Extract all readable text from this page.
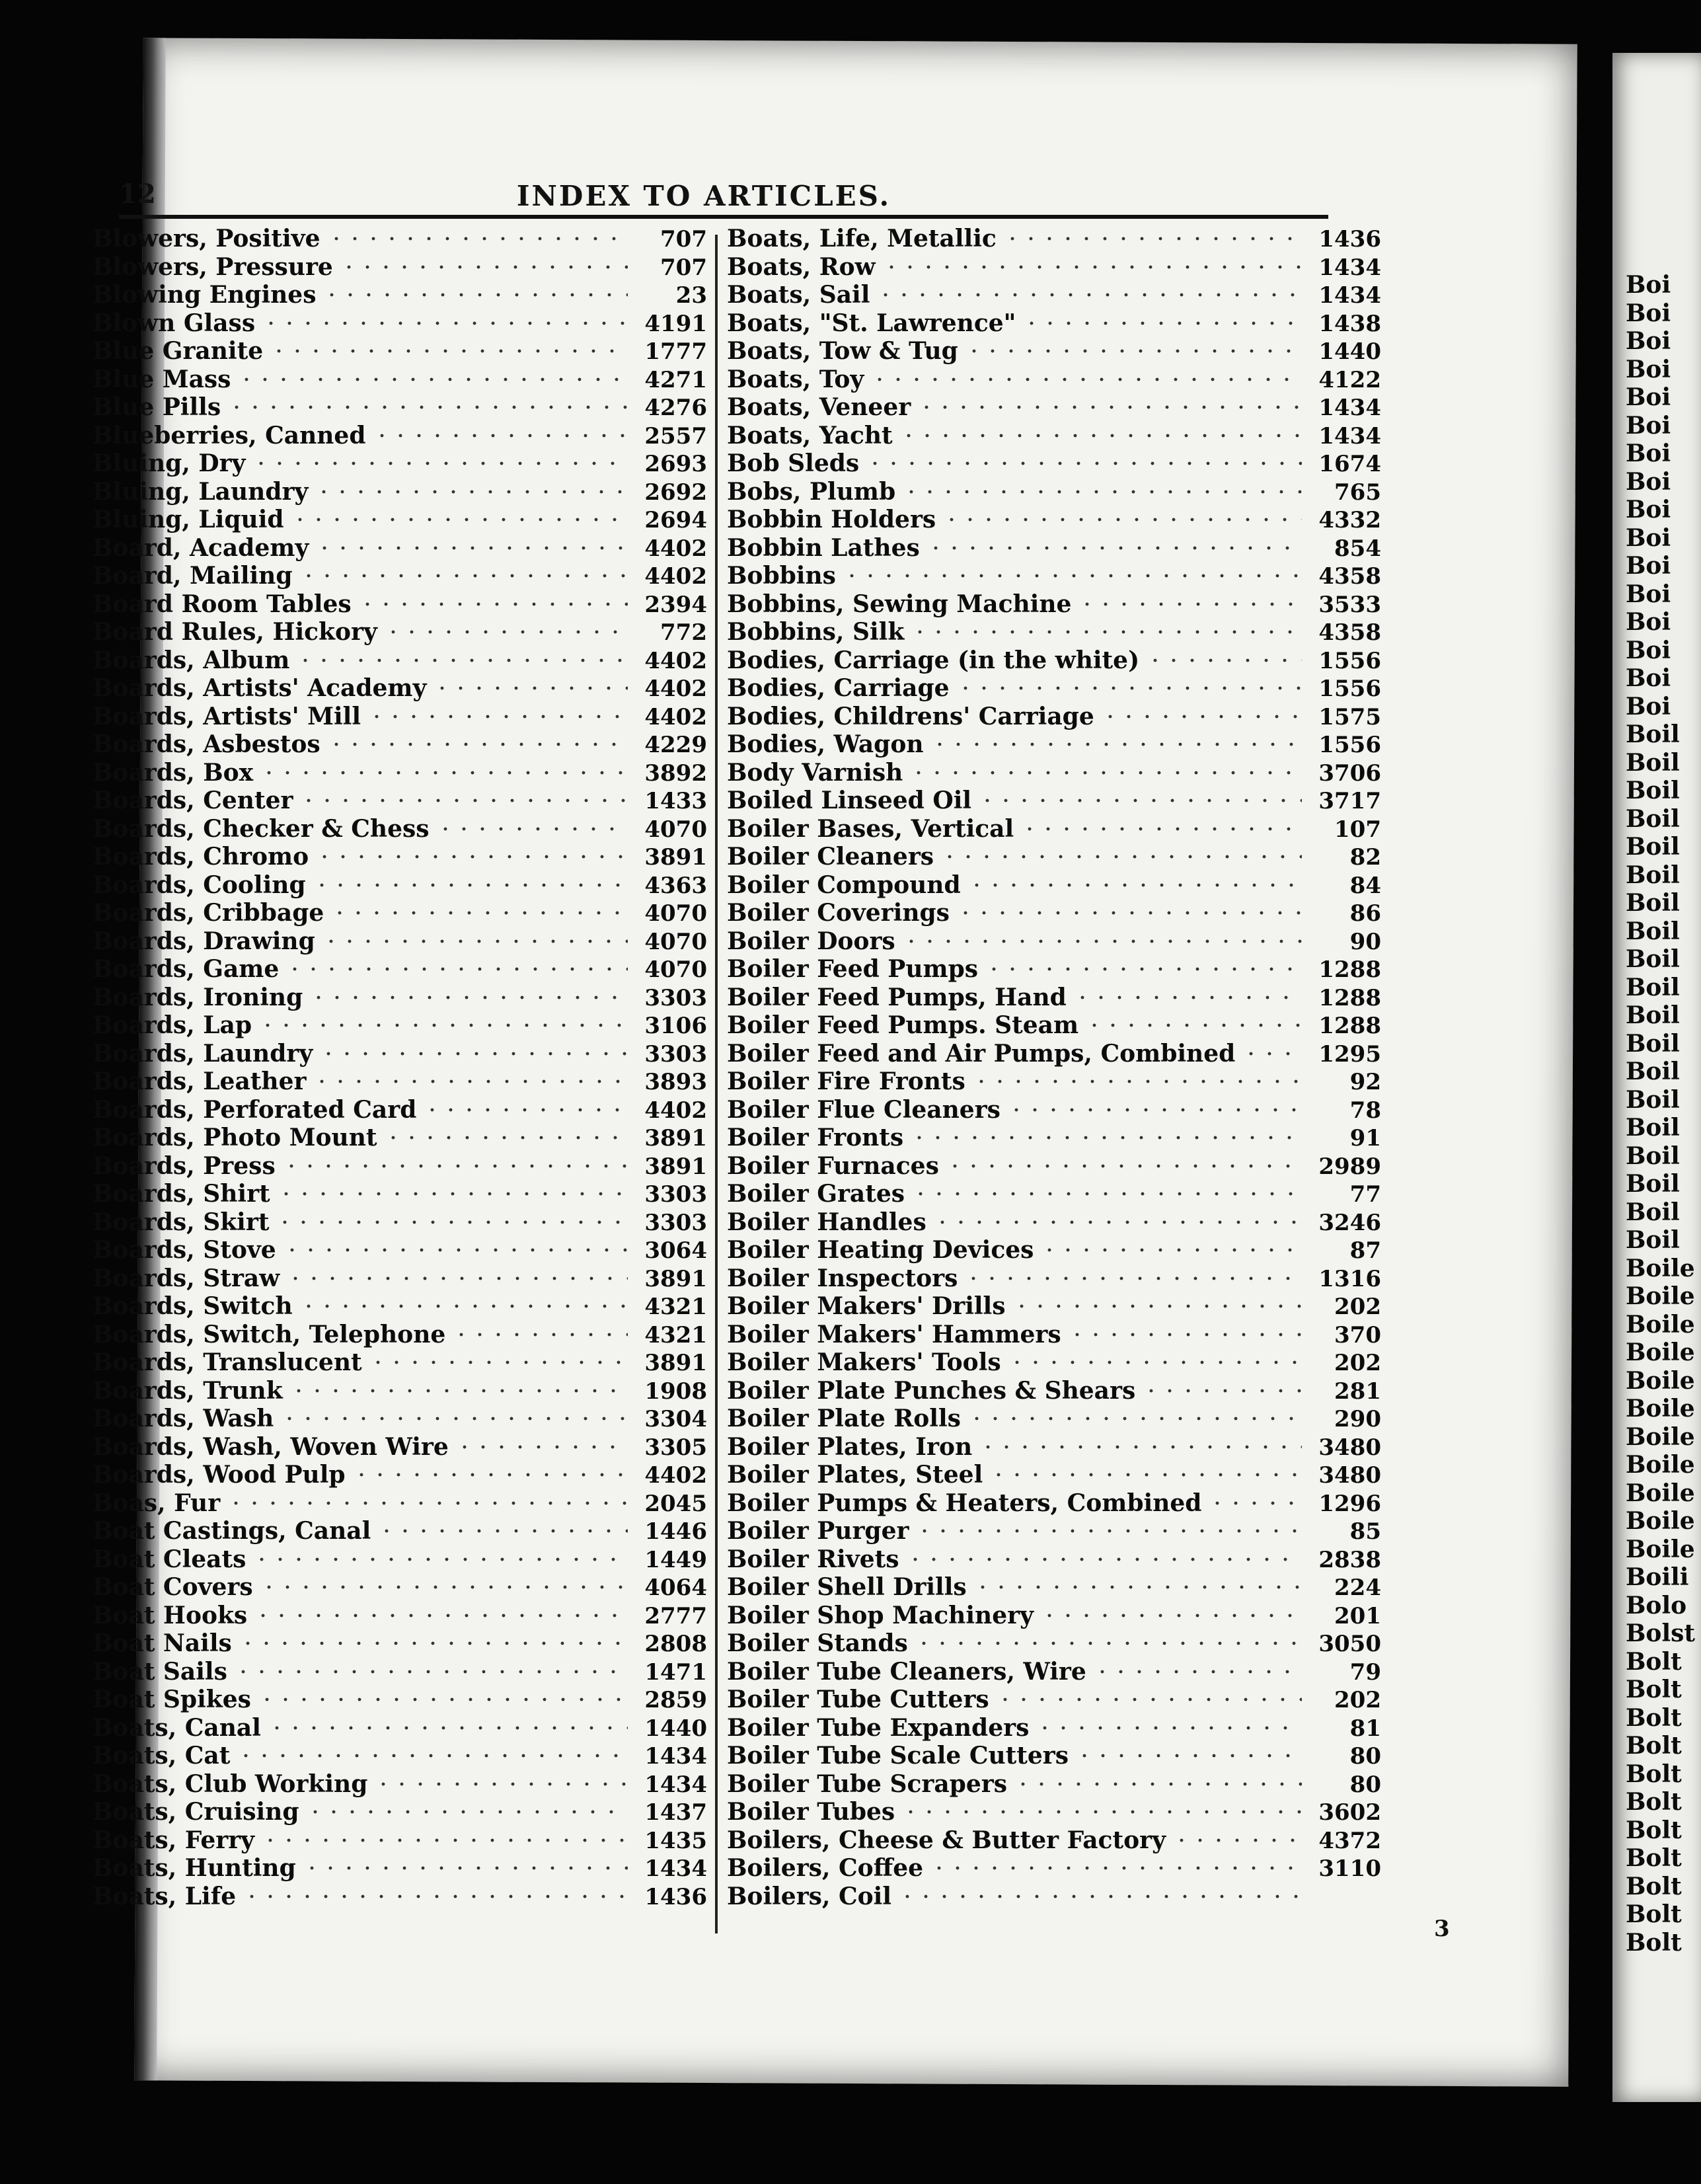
Boi
Boi
Boi
Boi
Boi
Boi
Boi
Boi
Boi
Boi
Boi
Boi
Boi
Boi
Boi
Boi
Boil
Boil
Boil
Boil
Boil
Boil
Boil
Boil
Boil
Boil
Boil
Boil
Boil
Boil
Boil
Boil
Boil
Boil
Boil
Boile
Boile
Boile
Boile
Boile
Boile
Boile
Boile
Boile
Boile
Boile
Boili
Bolo
Bolst
Bolt
Bolt
Bolt
Bolt
Bolt
Bolt
Bolt
Bolt
Bolt
Bolt
Bolt
12	INDEX TO ARTICLES.
Blowers, Positive	707
Blowers, Pressure	707
Blowing Engines	23
Blown Glass	4191
Blue Granite	1777
Blue Mass	4271
Blue Pills	4276
Blueberries, Canned	2557
Bluing, Dry	2693
Bluing, Laundry	2692
Bluing, Liquid	2694
Board, Academy	4402
Board, Mailing	4402
Board Room Tables	2394
Board Rules, Hickory	772
Boards, Album	4402
Boards, Artists' Academy	4402
Boards, Artists' Mill	4402
Boards, Asbestos	4229
Boards, Box	3892
Boards, Center	1433
Boards, Checker & Chess	4070
Boards, Chromo	3891
Boards, Cooling	4363
Boards, Cribbage	4070
Boards, Drawing	4070
Boards, Game	4070
Boards, Ironing	3303
Boards, Lap	3106
Boards, Laundry	3303
Boards, Leather	3893
Boards, Perforated Card	4402
Boards, Photo Mount	3891
Boards, Press	3891
Boards, Shirt	3303
Boards, Skirt	3303
Boards, Stove	3064
Boards, Straw	3891
Boards, Switch	4321
Boards, Switch, Telephone	4321
Boards, Translucent	3891
Boards, Trunk	1908
Boards, Wash	3304
Boards, Wash, Woven Wire	3305
Boards, Wood Pulp	4402
Boas, Fur	2045
Boat Castings, Canal	1446
Boat Cleats	1449
Boat Covers	4064
Boat Hooks	2777
Boat Nails	2808
Boat Sails	1471
Boat Spikes	2859
Boats, Canal	1440
Boats, Cat	1434
Boats, Club Working	1434
Boats, Cruising	1437
Boats, Ferry	1435
Boats, Hunting	1434
Boats, Life	1436
Boats, Life, Metallic	1436
Boats, Row	1434
Boats, Sail	1434
Boats, "St. Lawrence"	1438
Boats, Tow & Tug	1440
Boats, Toy	4122
Boats, Veneer	1434
Boats, Yacht	1434
Bob Sleds	1674
Bobs, Plumb	765
Bobbin Holders	4332
Bobbin Lathes	854
Bobbins	4358
Bobbins, Sewing Machine	3533
Bobbins, Silk	4358
Bodies, Carriage (in the white)	1556
Bodies, Carriage	1556
Bodies, Childrens' Carriage	1575
Bodies, Wagon	1556
Body Varnish	3706
Boiled Linseed Oil	3717
Boiler Bases, Vertical	107
Boiler Cleaners	82
Boiler Compound	84
Boiler Coverings	86
Boiler Doors	90
Boiler Feed Pumps	1288
Boiler Feed Pumps, Hand	1288
Boiler Feed Pumps. Steam	1288
Boiler Feed and Air Pumps, Combined	1295
Boiler Fire Fronts	92
Boiler Flue Cleaners	78
Boiler Fronts	91
Boiler Furnaces	2989
Boiler Grates	77
Boiler Handles	3246
Boiler Heating Devices	87
Boiler Inspectors	1316
Boiler Makers' Drills	202
Boiler Makers' Hammers	370
Boiler Makers' Tools	202
Boiler Plate Punches & Shears	281
Boiler Plate Rolls	290
Boiler Plates, Iron	3480
Boiler Plates, Steel	3480
Boiler Pumps & Heaters, Combined	1296
Boiler Purger	85
Boiler Rivets	2838
Boiler Shell Drills	224
Boiler Shop Machinery	201
Boiler Stands	3050
Boiler Tube Cleaners, Wire	79
Boiler Tube Cutters	202
Boiler Tube Expanders	81
Boiler Tube Scale Cutters	80
Boiler Tube Scrapers	80
Boiler Tubes	3602
Boilers, Cheese & Butter Factory	4372
Boilers, Coffee	3110
Boilers, Coil
3
